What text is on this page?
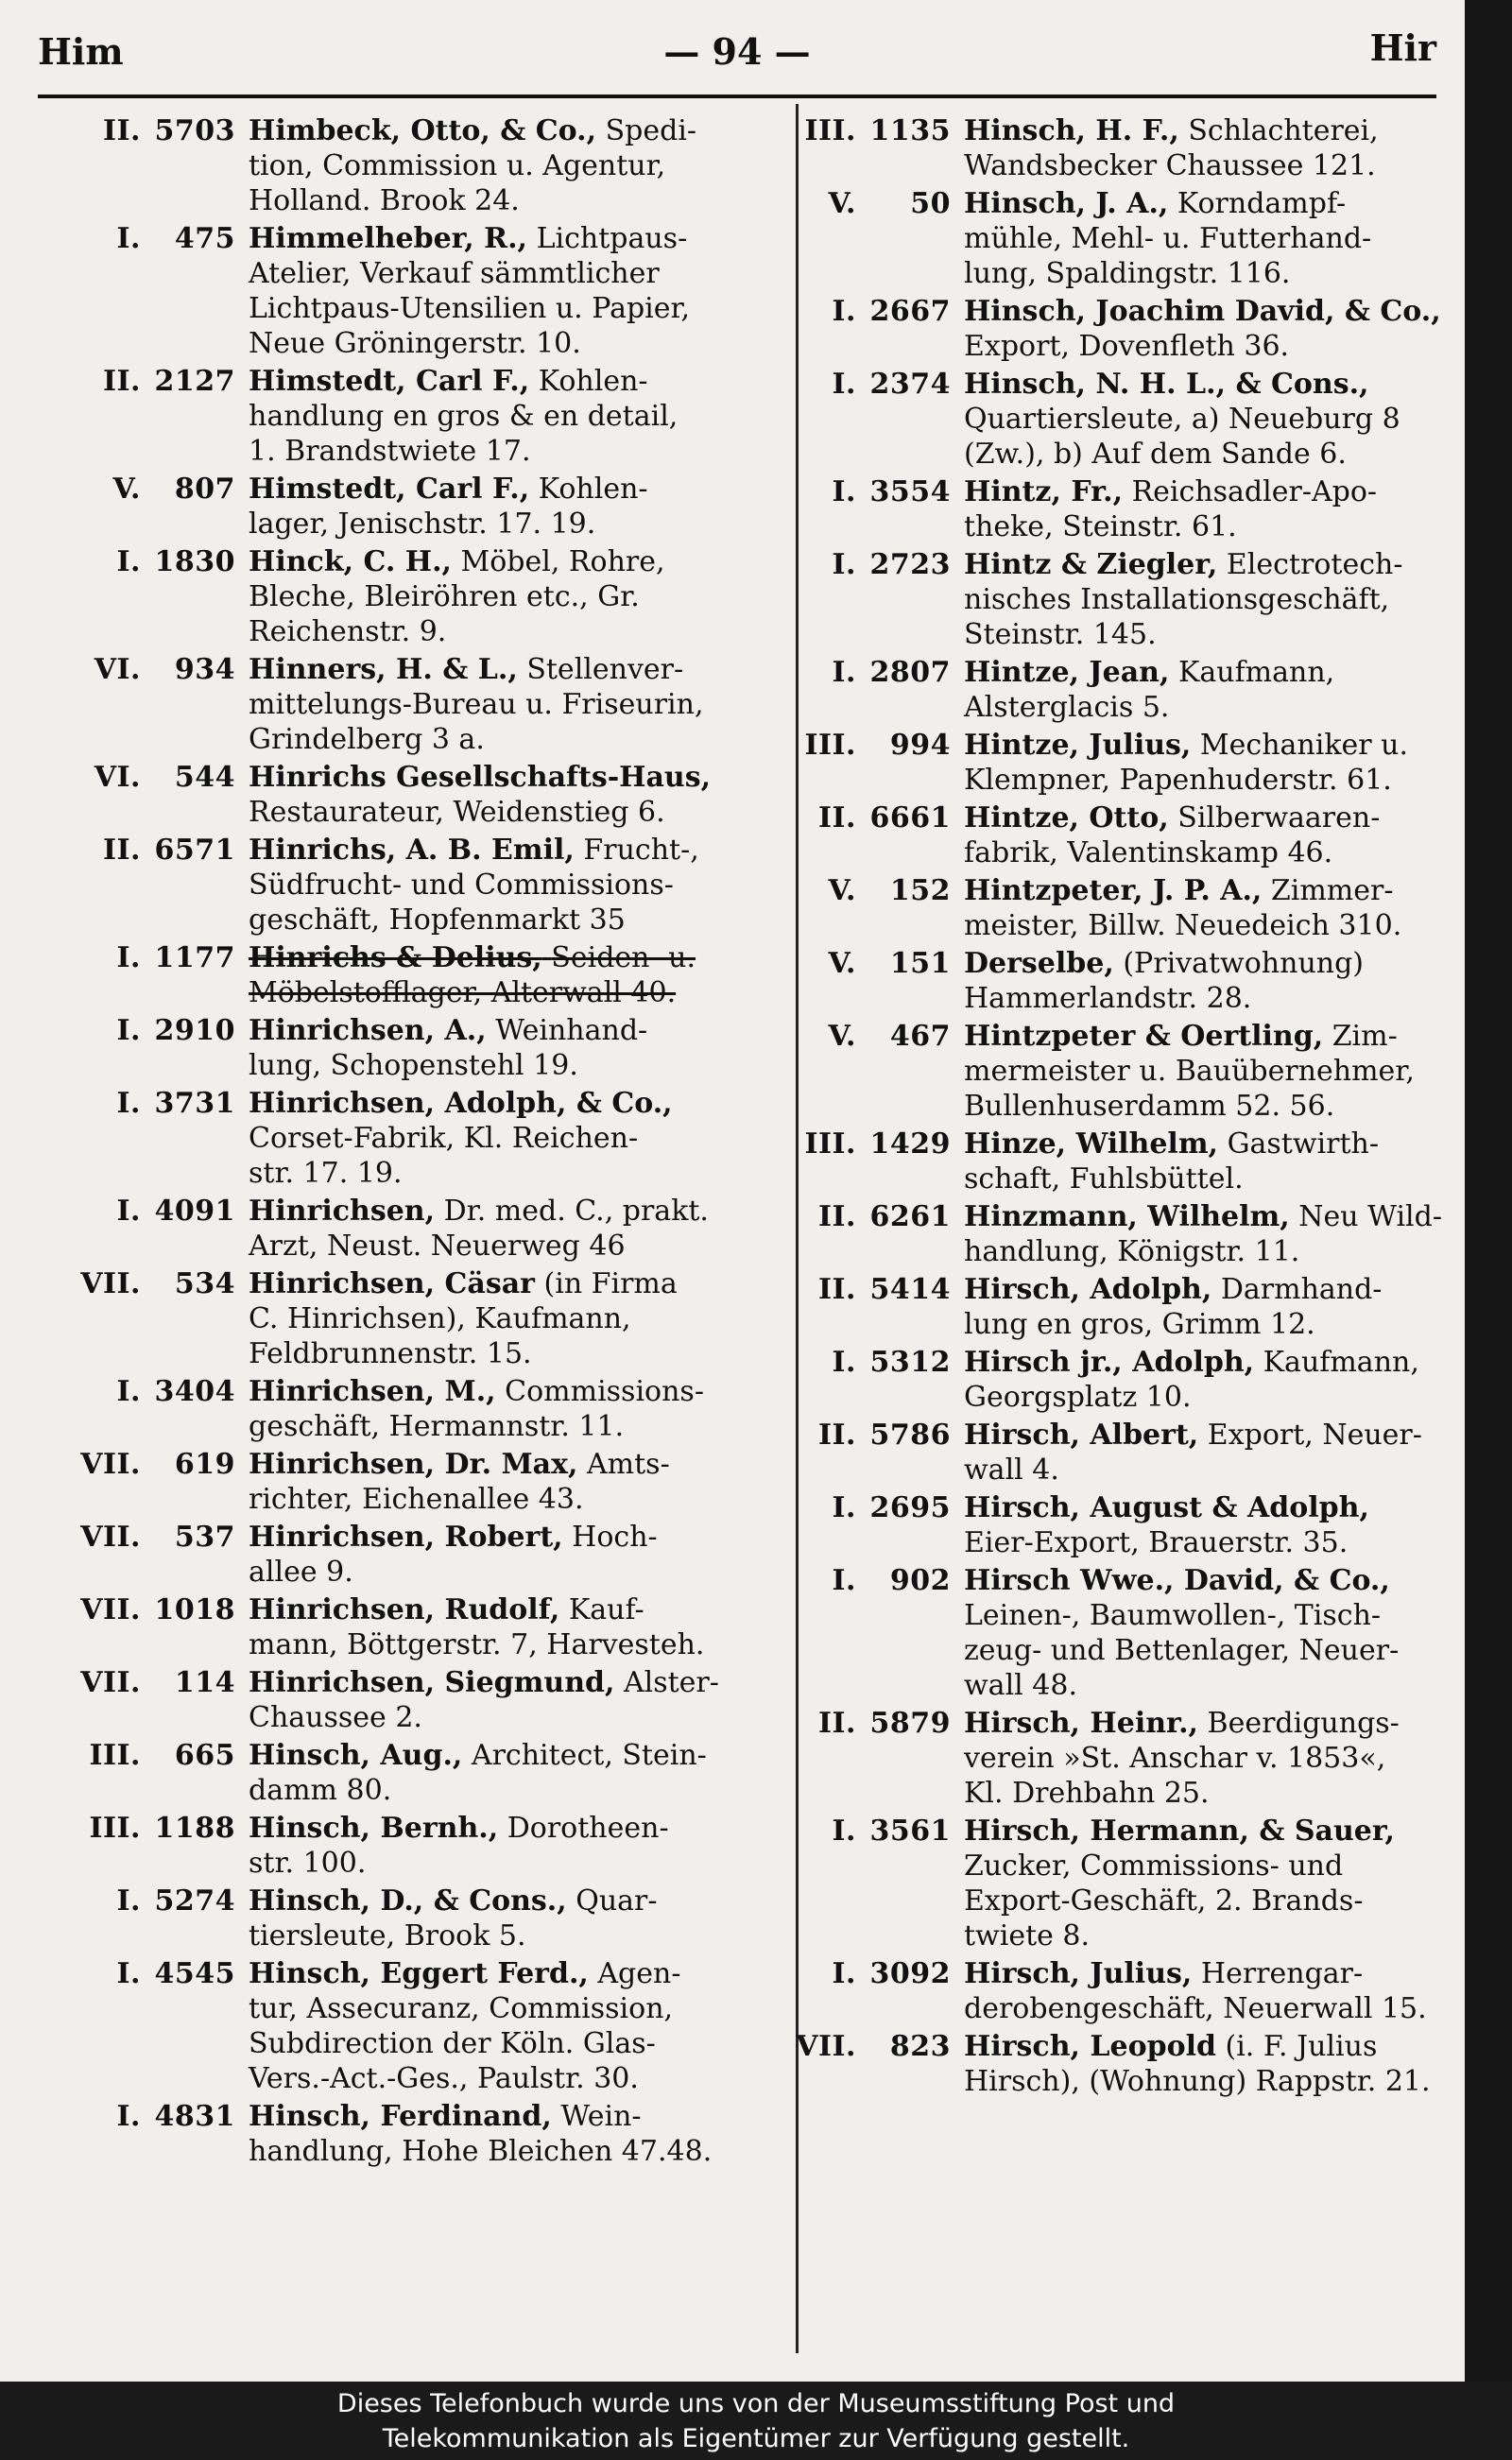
Him	— 94 —	Hir
II. 5703 Himbeck, Otto, & Co., Spedi-
tion, Commission u. Agentur,
Holland. Brook 24.
I. 475 Himmelheber, R., Lichtpaus-
Atelier, Verkauf sämmtlicher
Lichtpaus-Utensilien u. Papier,
Neue Gröningerstr. 10.
II. 2127 Himstedt, Carl F., Kohlen-
handlung en gros & en detail,
1. Brandstwiete 17.
V. 807 Himstedt, Carl F., Kohlen-
lager, Jenischstr. 17. 19.
I. 1830 Hinck, C. H., Möbel, Rohre,
Bleche, Bleiröhren etc., Gr.
Reichenstr. 9.
VI. 934 Hinners, H. & L., Stellenver-
mittelungs-Bureau u. Friseurin,
Grindelberg 3 a.
VI. 544 Hinrichs Gesellschafts-Haus,
Restaurateur, Weidenstieg 6.
II. 6571 Hinrichs, A. B. Emil, Frucht-,
Südfrucht- und Commissions-
geschäft, Hopfenmarkt 35
I. 1177 Hinrichs & Delius, Seiden- u.
Möbelstofflager, Alterwall 40.
I. 2910 Hinrichsen, A., Weinhand-
lung, Schopenstehl 19.
I. 3731 Hinrichsen, Adolph, & Co.,
Corset-Fabrik, Kl. Reichen-
str. 17. 19.
I. 4091 Hinrichsen, Dr. med. C., prakt.
Arzt, Neust. Neuerweg 46
VII. 534 Hinrichsen, Cäsar (in Firma
C. Hinrichsen), Kaufmann,
Feldbrunnenstr. 15.
I. 3404 Hinrichsen, M., Commissions-
geschäft, Hermannstr. 11.
VII. 619 Hinrichsen, Dr. Max, Amts-
richter, Eichenallee 43.
VII. 537 Hinrichsen, Robert, Hoch-
allee 9.
VII. 1018 Hinrichsen, Rudolf, Kauf-
mann, Böttgerstr. 7, Harvesteh.
VII. 114 Hinrichsen, Siegmund, Alster-
Chaussee 2.
III. 665 Hinsch, Aug., Architect, Stein-
damm 80.
III. 1188 Hinsch, Bernh., Dorotheen-
str. 100.
I. 5274 Hinsch, D., & Cons., Quar-
tiersleute, Brook 5.
I. 4545 Hinsch, Eggert Ferd., Agen-
tur, Assecuranz, Commission,
Subdirection der Köln. Glas-
Vers.-Act.-Ges., Paulstr. 30.
I. 4831 Hinsch, Ferdinand, Wein-
handlung, Hohe Bleichen 47.48.
III. 1135 Hinsch, H. F., Schlachterei,
Wandsbecker Chaussee 121.
V. 50 Hinsch, J. A., Korndampf-
mühle, Mehl- u. Futterhand-
lung, Spaldingstr. 116.
I. 2667 Hinsch, Joachim David, & Co.,
Export, Dovenfleth 36.
I. 2374 Hinsch, N. H. L., & Cons.,
Quartiersleute, a) Neueburg 8
(Zw.), b) Auf dem Sande 6.
I. 3554 Hintz, Fr., Reichsadler-Apo-
theke, Steinstr. 61.
I. 2723 Hintz & Ziegler, Electrotech-
nisches Installationsgeschäft,
Steinstr. 145.
I. 2807 Hintze, Jean, Kaufmann,
Alsterglacis 5.
III. 994 Hintze, Julius, Mechaniker u.
Klempner, Papenhuderstr. 61.
II. 6661 Hintze, Otto, Silberwaaren-
fabrik, Valentinskamp 46.
V. 152 Hintzpeter, J. P. A., Zimmer-
meister, Billw. Neuedeich 310.
V. 151 Derselbe, (Privatwohnung)
Hammerlandstr. 28.
V. 467 Hintzpeter & Oertling, Zim-
mermeister u. Bauübernehmer,
Bullenhuserdamm 52. 56.
III. 1429 Hinze, Wilhelm, Gastwirth-
schaft, Fuhlsbüttel.
II. 6261 Hinzmann, Wilhelm, Neu Wild-
handlung, Königstr. 11.
II. 5414 Hirsch, Adolph, Darmhand-
lung en gros, Grimm 12.
I. 5312 Hirsch jr., Adolph, Kaufmann,
Georgsplatz 10.
II. 5786 Hirsch, Albert, Export, Neuer-
wall 4.
I. 2695 Hirsch, August & Adolph,
Eier-Export, Brauerstr. 35.
I. 902 Hirsch Wwe., David, & Co.,
Leinen-, Baumwollen-, Tisch-
zeug- und Bettenlager, Neuer-
wall 48.
II. 5879 Hirsch, Heinr., Beerdigungs-
verein »St. Anschar v. 1853«,
Kl. Drehbahn 25.
I. 3561 Hirsch, Hermann, & Sauer,
Zucker, Commissions- und
Export-Geschäft, 2. Brands-
twiete 8.
I. 3092 Hirsch, Julius, Herrengar-
derobengeschäft, Neuerwall 15.
VII. 823 Hirsch, Leopold (i. F. Julius
Hirsch), (Wohnung) Rappstr. 21.
Dieses Telefonbuch wurde uns von der Museumsstiftung Post und
Telekommunikation als Eigentümer zur Verfügung gestellt.
